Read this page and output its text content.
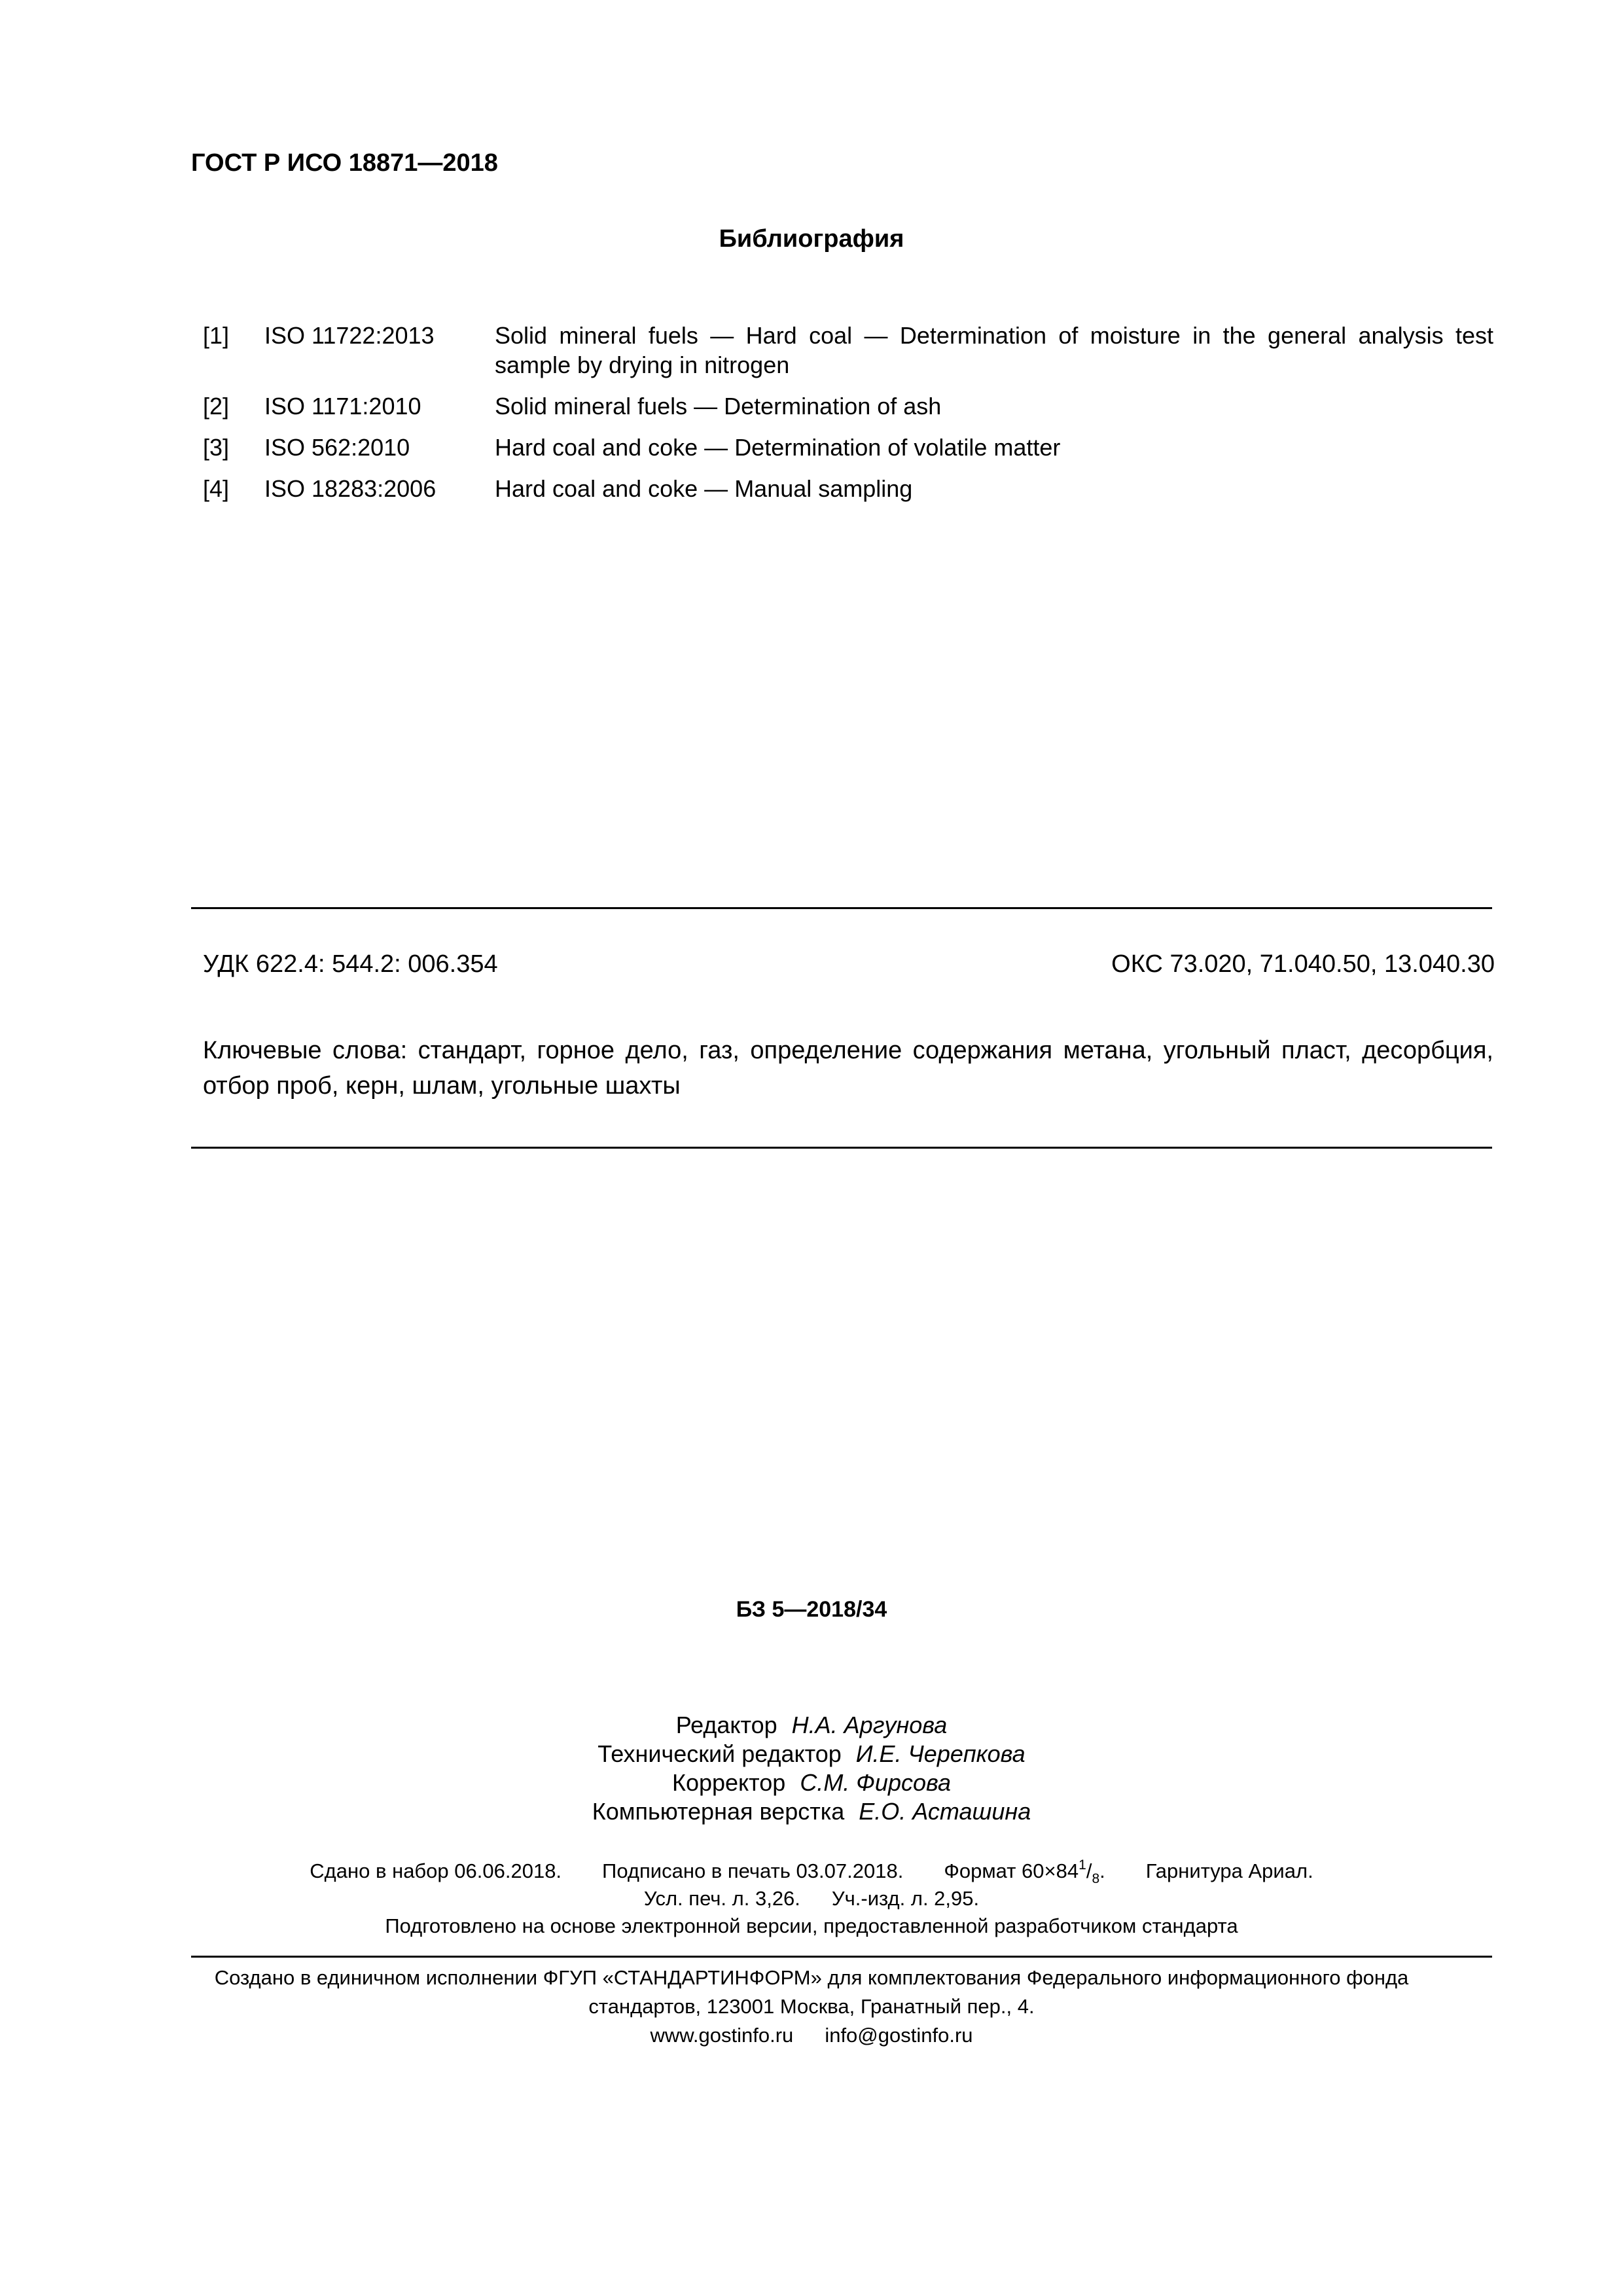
ГОСТ Р ИСО 18871—2018
Библиография
[1]	ISO 11722:2013	Solid mineral fuels — Hard coal — Determination of moisture in the general analysis test sample by drying in nitrogen
[2]	ISO 1171:2010	Solid mineral fuels — Determination of ash
[3]	ISO 562:2010	Hard coal and coke — Determination of volatile matter
[4]	ISO 18283:2006	Hard coal and coke — Manual sampling
УДК 622.4: 544.2: 006.354	ОКС 73.020, 71.040.50, 13.040.30
Ключевые слова: стандарт, горное дело, газ, определение содержания метана, угольный пласт, десорбция, отбор проб, керн, шлам, угольные шахты
БЗ 5—2018/34
Редактор Н.А. Аргунова
Технический редактор И.Е. Черепкова
Корректор С.М. Фирсова
Компьютерная верстка Е.О. Асташина
Сдано в набор 06.06.2018. Подписано в печать 03.07.2018. Формат $60\times 84^1/_8$. Гарнитура Ариал.
Усл. печ. л. 3,26. Уч.-изд. л. 2,95.
Подготовлено на основе электронной версии, предоставленной разработчиком стандарта
Создано в единичном исполнении ФГУП «СТАНДАРТИНФОРМ» для комплектования Федерального информационного фонда
стандартов, 123001 Москва, Гранатный пер., 4.
www.gostinfo.ru info@gostinfo.ru
